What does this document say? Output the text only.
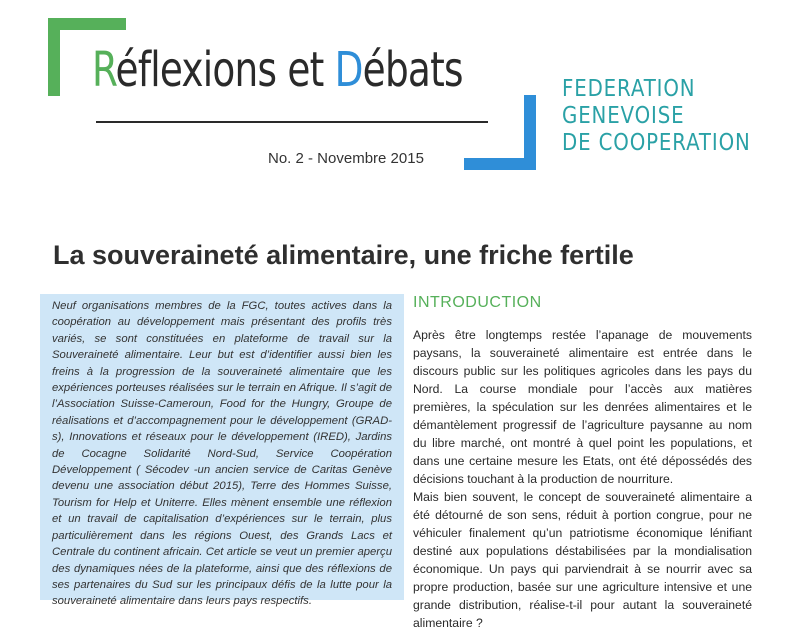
Réflexions et Débats
No. 2 - Novembre 2015
FEDERATION
GENEVOISE
DE COOPERATION
La souveraineté alimentaire, une friche fertile

Neuf organisations membres de la FGC, toutes actives dans la coopération au développement mais présentant des profils très variés, se sont constituées en plateforme de travail sur la Souveraineté alimentaire. Leur but est d’identifier aussi bien les freins à la progression de la souveraineté alimentaire que les expériences porteuses réalisées sur le terrain en Afrique. Il s’agit de l’Association Suisse-Cameroun, Food for the Hungry, Groupe de réalisations et d’accompagnement pour le développement (GRAD-s), Innovations et réseaux pour le développement (IRED), Jardins de Cocagne Solidarité Nord-Sud, Service Coopération Développement ( Sécodev -un ancien service de Caritas Genève devenu une association début 2015), Terre des Hommes Suisse, Tourism for Help et Uniterre. Elles mènent ensemble une réflexion et un travail de capitalisation d’expériences sur le terrain, plus particulièrement dans les régions Ouest, des Grands Lacs et Centrale du continent africain. Cet article se veut un premier aperçu des dynamiques nées de la plateforme, ainsi que des réflexions de ses partenaires du Sud sur les principaux défis de la lutte pour la souveraineté alimentaire dans leurs pays respectifs.

INTRODUCTION

Après être longtemps restée l’apanage de mouvements paysans, la souveraineté alimentaire est entrée dans le discours public sur les politiques agricoles dans les pays du Nord. La course mondiale pour l’accès aux matières premières, la spéculation sur les denrées alimentaires et le démantèlement progressif de l’agriculture paysanne au nom du libre marché, ont montré à quel point les populations, et dans une certaine mesure les Etats, ont été dépossédés des décisions touchant à la production de nourriture.

Mais bien souvent, le concept de souveraineté alimentaire a été détourné de son sens, réduit à portion congrue, pour ne véhiculer finalement qu’un patriotisme économique lénifiant destiné aux populations déstabilisées par la mondialisation économique. Un pays qui parviendrait à se nourrir avec sa propre production, basée sur une agriculture intensive et une grande distribution, réalise-t-il pour autant la souveraineté alimentaire ?
